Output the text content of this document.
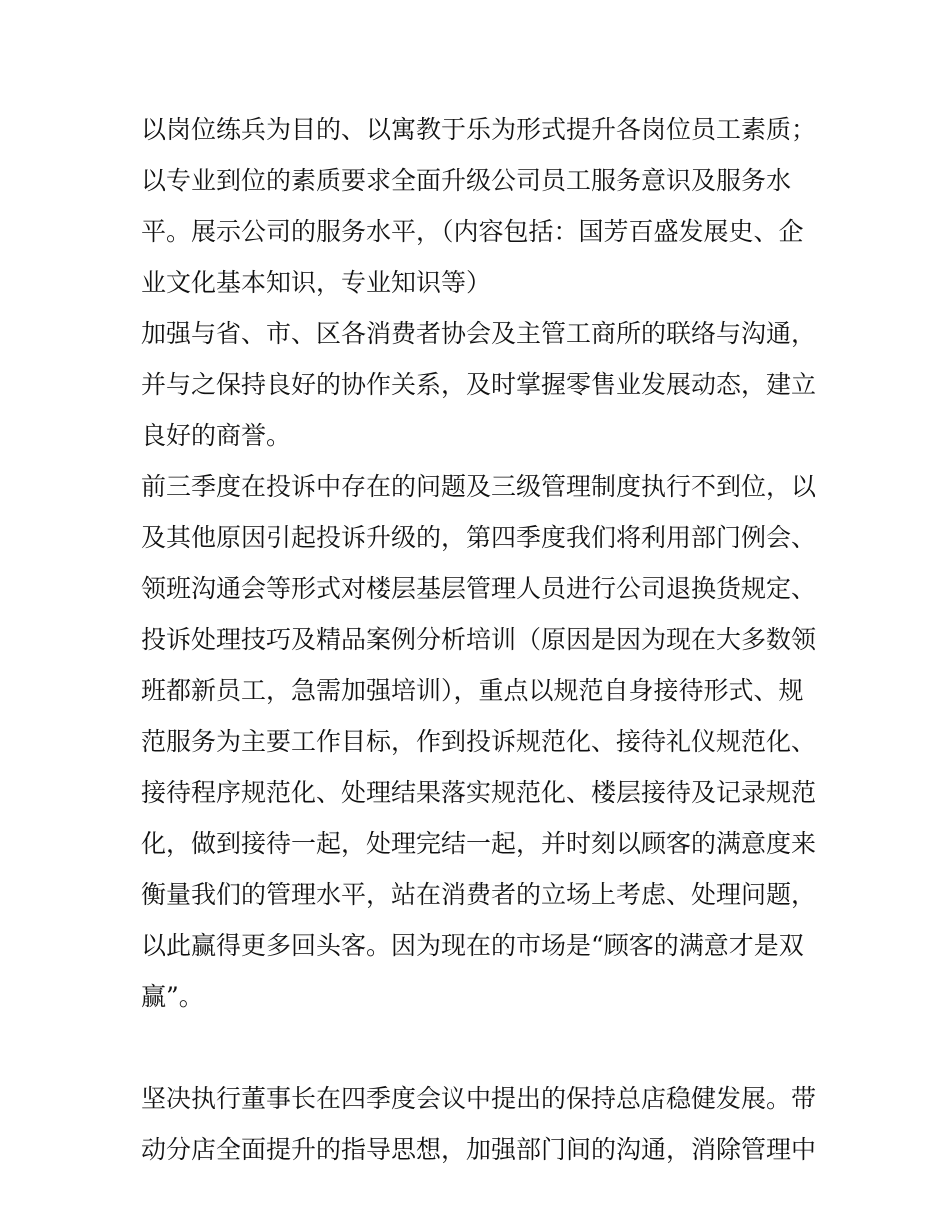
以岗位练兵为目的、以寓教于乐为形式提升各岗位员工素质；
以专业到位的素质要求全面升级公司员工服务意识及服务水
平。展示公司的服务水平，（内容包括：国芳百盛发展史、企
业文化基本知识，专业知识等）
加强与省、市、区各消费者协会及主管工商所的联络与沟通，
并与之保持良好的协作关系，及时掌握零售业发展动态，建立
良好的商誉。
前三季度在投诉中存在的问题及三级管理制度执行不到位，以
及其他原因引起投诉升级的，第四季度我们将利用部门例会、
领班沟通会等形式对楼层基层管理人员进行公司退换货规定、
投诉处理技巧及精品案例分析培训（原因是因为现在大多数领
班都新员工，急需加强培训），重点以规范自身接待形式、规
范服务为主要工作目标，作到投诉规范化、接待礼仪规范化、
接待程序规范化、处理结果落实规范化、楼层接待及记录规范
化，做到接待一起，处理完结一起，并时刻以顾客的满意度来
衡量我们的管理水平，站在消费者的立场上考虑、处理问题，
以此赢得更多回头客。因为现在的市场是“顾客的满意才是双
赢”。
坚决执行董事长在四季度会议中提出的保持总店稳健发展。带
动分店全面提升的指导思想，加强部门间的沟通，消除管理中
